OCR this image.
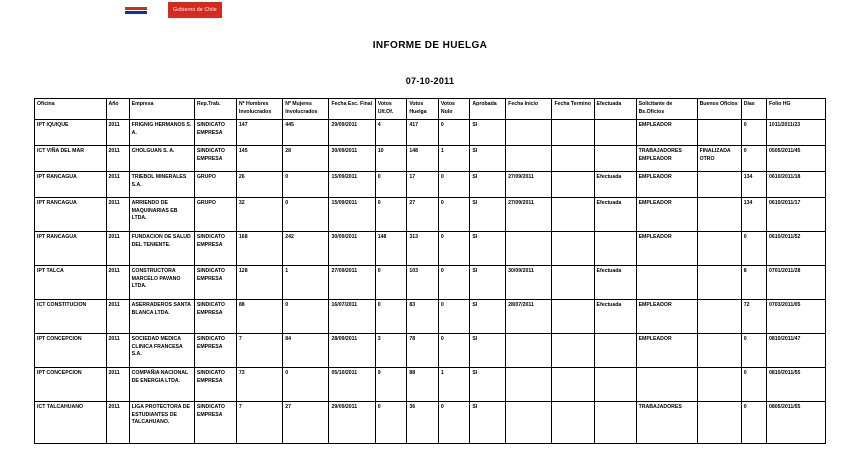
Gobierno de Chile
INFORME DE HUELGA
07-10-2011
Oficina	Año	Empresa	Rep.Trab.	Nº Hombres Involucrados	Nº Mujeres Involucrados	Fecha Esc. Final	Votos Ult.Of.	Votos Huelga	Votos Nulo	Aprobada	Fecha Inicio	Fecha Termino	Efectuada	Solicitante de Bs.Oficios	Buenos Oficios	Días	Folio HG
IPT IQUIQUE	2011	FRIGNIG HERMANOS S. A.	SINDICATO EMPRESA	147	445	29/09/2011	4	417	0	SI				EMPLEADOR		0	1011/2011/23
ICT VIÑA DEL MAR	2011	CHOLGUAN S. A.	SINDICATO EMPRESA	145	28	30/09/2011	10	148	1	SI				TRABAJADORES EMPLEADOR	FINALIZADA OTRO	0	0505/2011/45
IPT RANCAGUA	2011	TRIEBOL MINERALES S.A.	GRUPO	26	0	15/09/2011	0	17	0	SI	27/09/2011		Efectuada	EMPLEADOR		134	0610/2011/18
IPT RANCAGUA	2011	ARRIENDO DE MAQUINARIAS EB LTDA.	GRUPO	32	0	15/09/2011	0	27	0	SI	27/09/2011		Efectuada	EMPLEADOR		134	0610/2011/17
IPT RANCAGUA	2011	FUNDACION DE SALUD DEL TENIENTE.	SINDICATO EMPRESA	168	242	30/09/2011	148	313	0	SI				EMPLEADOR		0	0610/2011/52
IPT TALCA	2011	CONSTRUCTORA MARCELO PAVANO LTDA.	SINDICATO EMPRESA	128	1	27/09/2011	0	103	0	SI	30/09/2011		Efectuada			8	0701/2011/28
ICT CONSTITUCION	2011	ASERRADEROS SANTA BLANCA LTDA.	SINDICATO EMPRESA	88	0	16/07/2011	0	83	0	SI	28/07/2011		Efectuada	EMPLEADOR		72	0703/2011/05
IPT CONCEPCION	2011	SOCIEDAD MEDICA CLINICA FRANCESA S.A.	SINDICATO EMPRESA	7	84	28/09/2011	3	78	0	SI				EMPLEADOR		0	0810/2011/47
IPT CONCEPCION	2011	COMPAÑIA NACIONAL DE ENERGIA LTDA.	SINDICATO EMPRESA	73	0	05/10/2011	9	88	1	SI						0	0810/2011/55
ICT TALCAHUANO	2011	LIGA PROTECTORA DE ESTUDIANTES DE TALCAHUANO.	SINDICATO EMPRESA	7	27	29/09/2011	0	36	0	SI				TRABAJADORES		0	0805/2011/55
